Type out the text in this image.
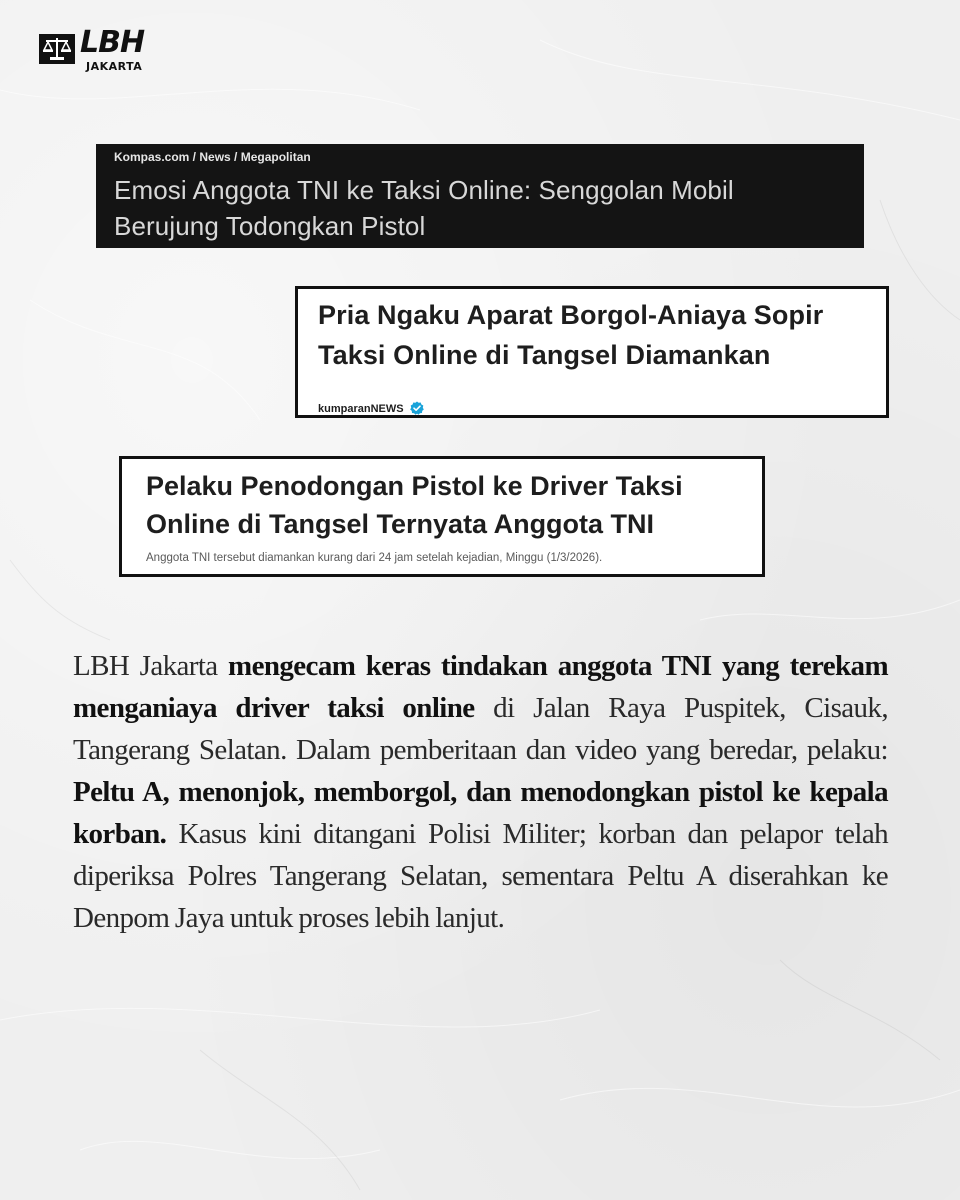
LBH
JAKARTA
Kompas.com / News / Megapolitan
Emosi Anggota TNI ke Taksi Online: Senggolan Mobil
Berujung Todongkan Pistol
Pria Ngaku Aparat Borgol-Aniaya Sopir
Taksi Online di Tangsel Diamankan
kumparanNEWS
Pelaku Penodongan Pistol ke Driver Taksi
Online di Tangsel Ternyata Anggota TNI
Anggota TNI tersebut diamankan kurang dari 24 jam setelah kejadian, Minggu (1/3/2026).
LBH Jakarta mengecam keras tindakan anggota TNI yang terekam menganiaya driver taksi online di Jalan Raya Puspitek, Cisauk, Tangerang Selatan. Dalam pemberitaan dan video yang beredar, pelaku: Peltu A, menonjok, memborgol, dan menodongkan pistol ke kepala korban. Kasus kini ditangani Polisi Militer; korban dan pelapor telah diperiksa Polres Tangerang Selatan, sementara Peltu A diserahkan ke Denpom Jaya untuk proses lebih lanjut.
